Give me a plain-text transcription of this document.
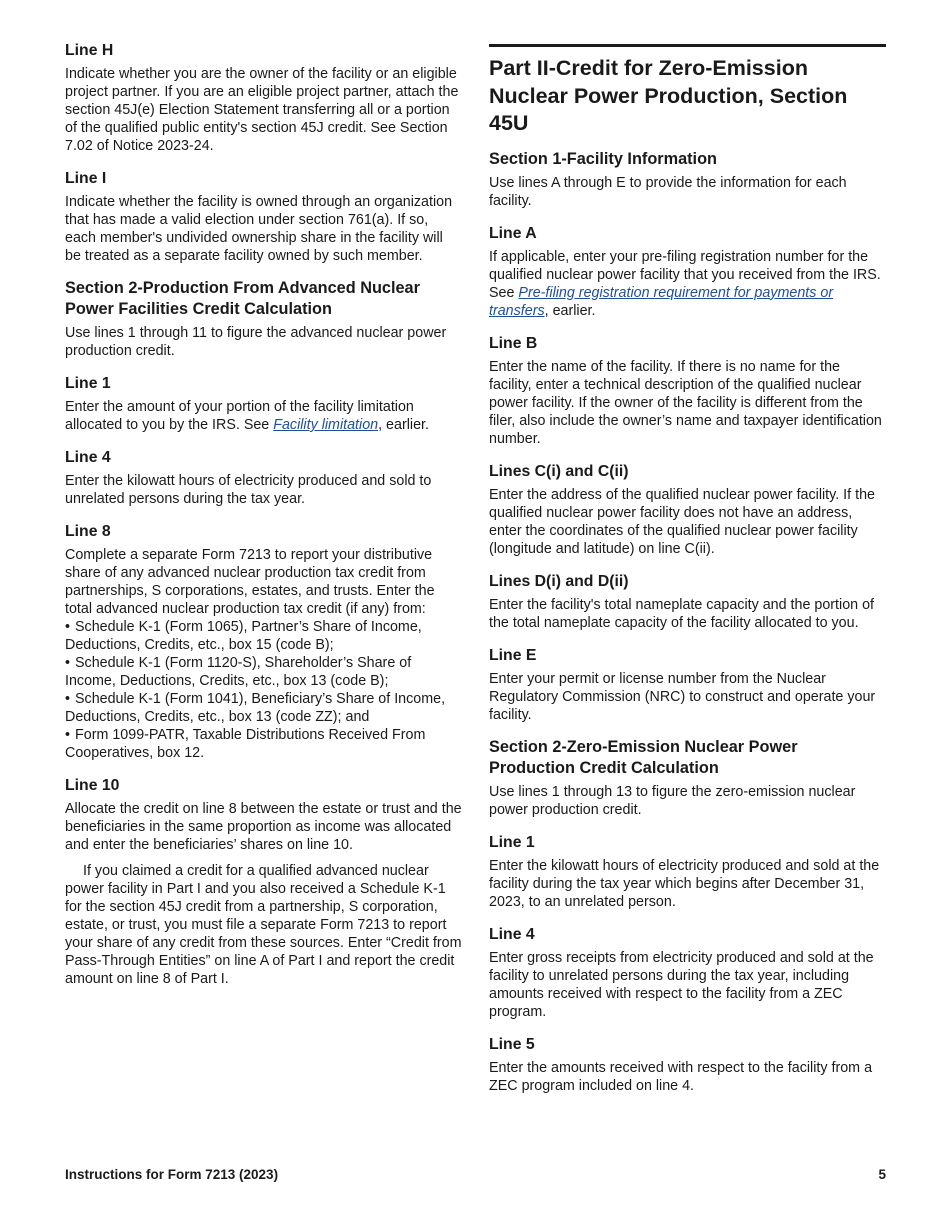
Line H

Indicate whether you are the owner of the facility or an eligible project partner. If you are an eligible project partner, attach the section 45J(e) Election Statement transferring all or a portion of the qualified public entity's section 45J credit. See Section 7.02 of Notice 2023-24.

Line I

Indicate whether the facility is owned through an organization that has made a valid election under section 761(a). If so, each member's undivided ownership share in the facility will be treated as a separate facility owned by such member.

Section 2-Production From Advanced Nuclear Power Facilities Credit Calculation

Use lines 1 through 11 to figure the advanced nuclear power production credit.

Line 1

Enter the amount of your portion of the facility limitation allocated to you by the IRS. See Facility limitation, earlier.

Line 4

Enter the kilowatt hours of electricity produced and sold to unrelated persons during the tax year.

Line 8

Complete a separate Form 7213 to report your distributive share of any advanced nuclear production tax credit from partnerships, S corporations, estates, and trusts. Enter the total advanced nuclear production tax credit (if any) from:

• Schedule K-1 (Form 1065), Partner’s Share of Income, Deductions, Credits, etc., box 15 (code B);
• Schedule K-1 (Form 1120-S), Shareholder’s Share of Income, Deductions, Credits, etc., box 13 (code B);
• Schedule K-1 (Form 1041), Beneficiary’s Share of Income, Deductions, Credits, etc., box 13 (code ZZ); and
• Form 1099-PATR, Taxable Distributions Received From Cooperatives, box 12.
Line 10

Allocate the credit on line 8 between the estate or trust and the beneficiaries in the same proportion as income was allocated and enter the beneficiaries’ shares on line 10.

If you claimed a credit for a qualified advanced nuclear power facility in Part I and you also received a Schedule K-1 for the section 45J credit from a partnership, S corporation, estate, or trust, you must file a separate Form 7213 to report your share of any credit from these sources. Enter “Credit from Pass-Through Entities” on line A of Part I and report the credit amount on line 8 of Part I.

Part II-Credit for Zero-Emission Nuclear Power Production, Section 45U
Section 1-Facility Information

Use lines A through E to provide the information for each facility.

Line A

If applicable, enter your pre-filing registration number for the qualified nuclear power facility that you received from the IRS. See Pre-filing registration requirement for payments or transfers, earlier.

Line B

Enter the name of the facility. If there is no name for the facility, enter a technical description of the qualified nuclear power facility. If the owner of the facility is different from the filer, also include the owner’s name and taxpayer identification number.

Lines C(i) and C(ii)

Enter the address of the qualified nuclear power facility. If the qualified nuclear power facility does not have an address, enter the coordinates of the qualified nuclear power facility (longitude and latitude) on line C(ii).

Lines D(i) and D(ii)

Enter the facility's total nameplate capacity and the portion of the total nameplate capacity of the facility allocated to you.

Line E

Enter your permit or license number from the Nuclear Regulatory Commission (NRC) to construct and operate your facility.

Section 2-Zero-Emission Nuclear Power Production Credit Calculation

Use lines 1 through 13 to figure the zero-emission nuclear power production credit.

Line 1

Enter the kilowatt hours of electricity produced and sold at the facility during the tax year which begins after December 31, 2023, to an unrelated person.

Line 4

Enter gross receipts from electricity produced and sold at the facility to unrelated persons during the tax year, including amounts received with respect to the facility from a ZEC program.

Line 5

Enter the amounts received with respect to the facility from a ZEC program included on line 4.

Instructions for Form 7213 (2023)	5
